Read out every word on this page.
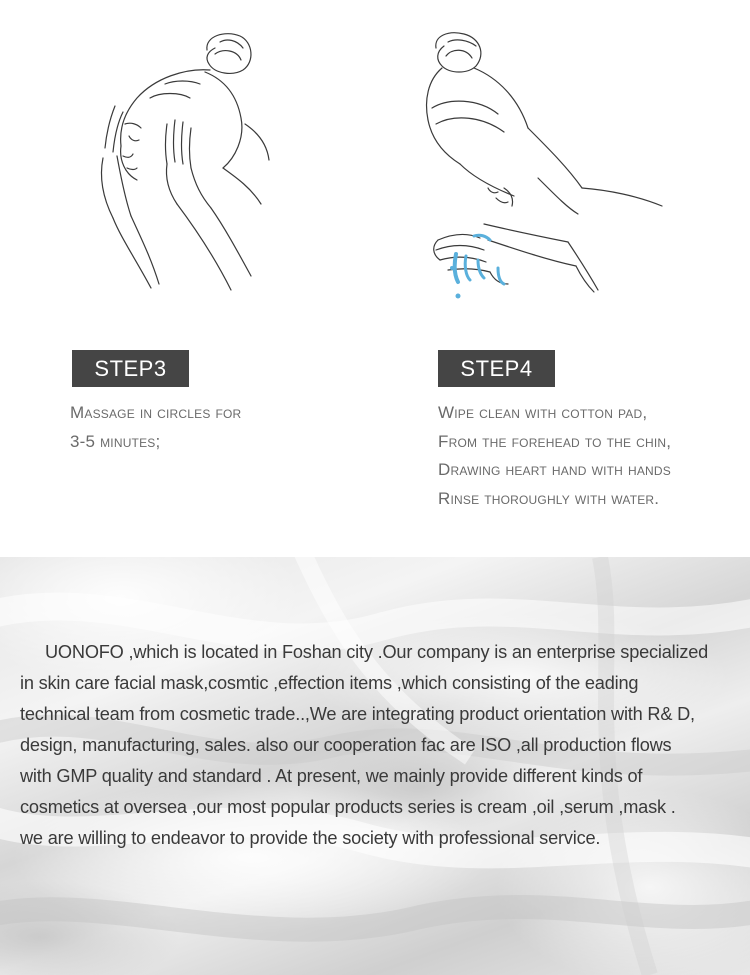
STEP3	STEP4
Massage in circles for
3-5 minutes;
Wipe clean with cotton pad,
From the forehead to the chin,
Drawing heart hand with hands
Rinse thoroughly with water.
UONOFO ,which is located in Foshan city .Our company is an enterprise specialized
in skin care facial mask,cosmtic ,effection items ,which consisting of the eading
technical team from cosmetic trade..,We are integrating product orientation with R& D,
design, manufacturing, sales. also our cooperation fac are ISO ,all production flows
with GMP quality and standard . At present, we mainly provide different kinds of
cosmetics at oversea ,our most popular products series is cream ,oil ,serum ,mask .
we are willing to endeavor to provide the society with professional service.
